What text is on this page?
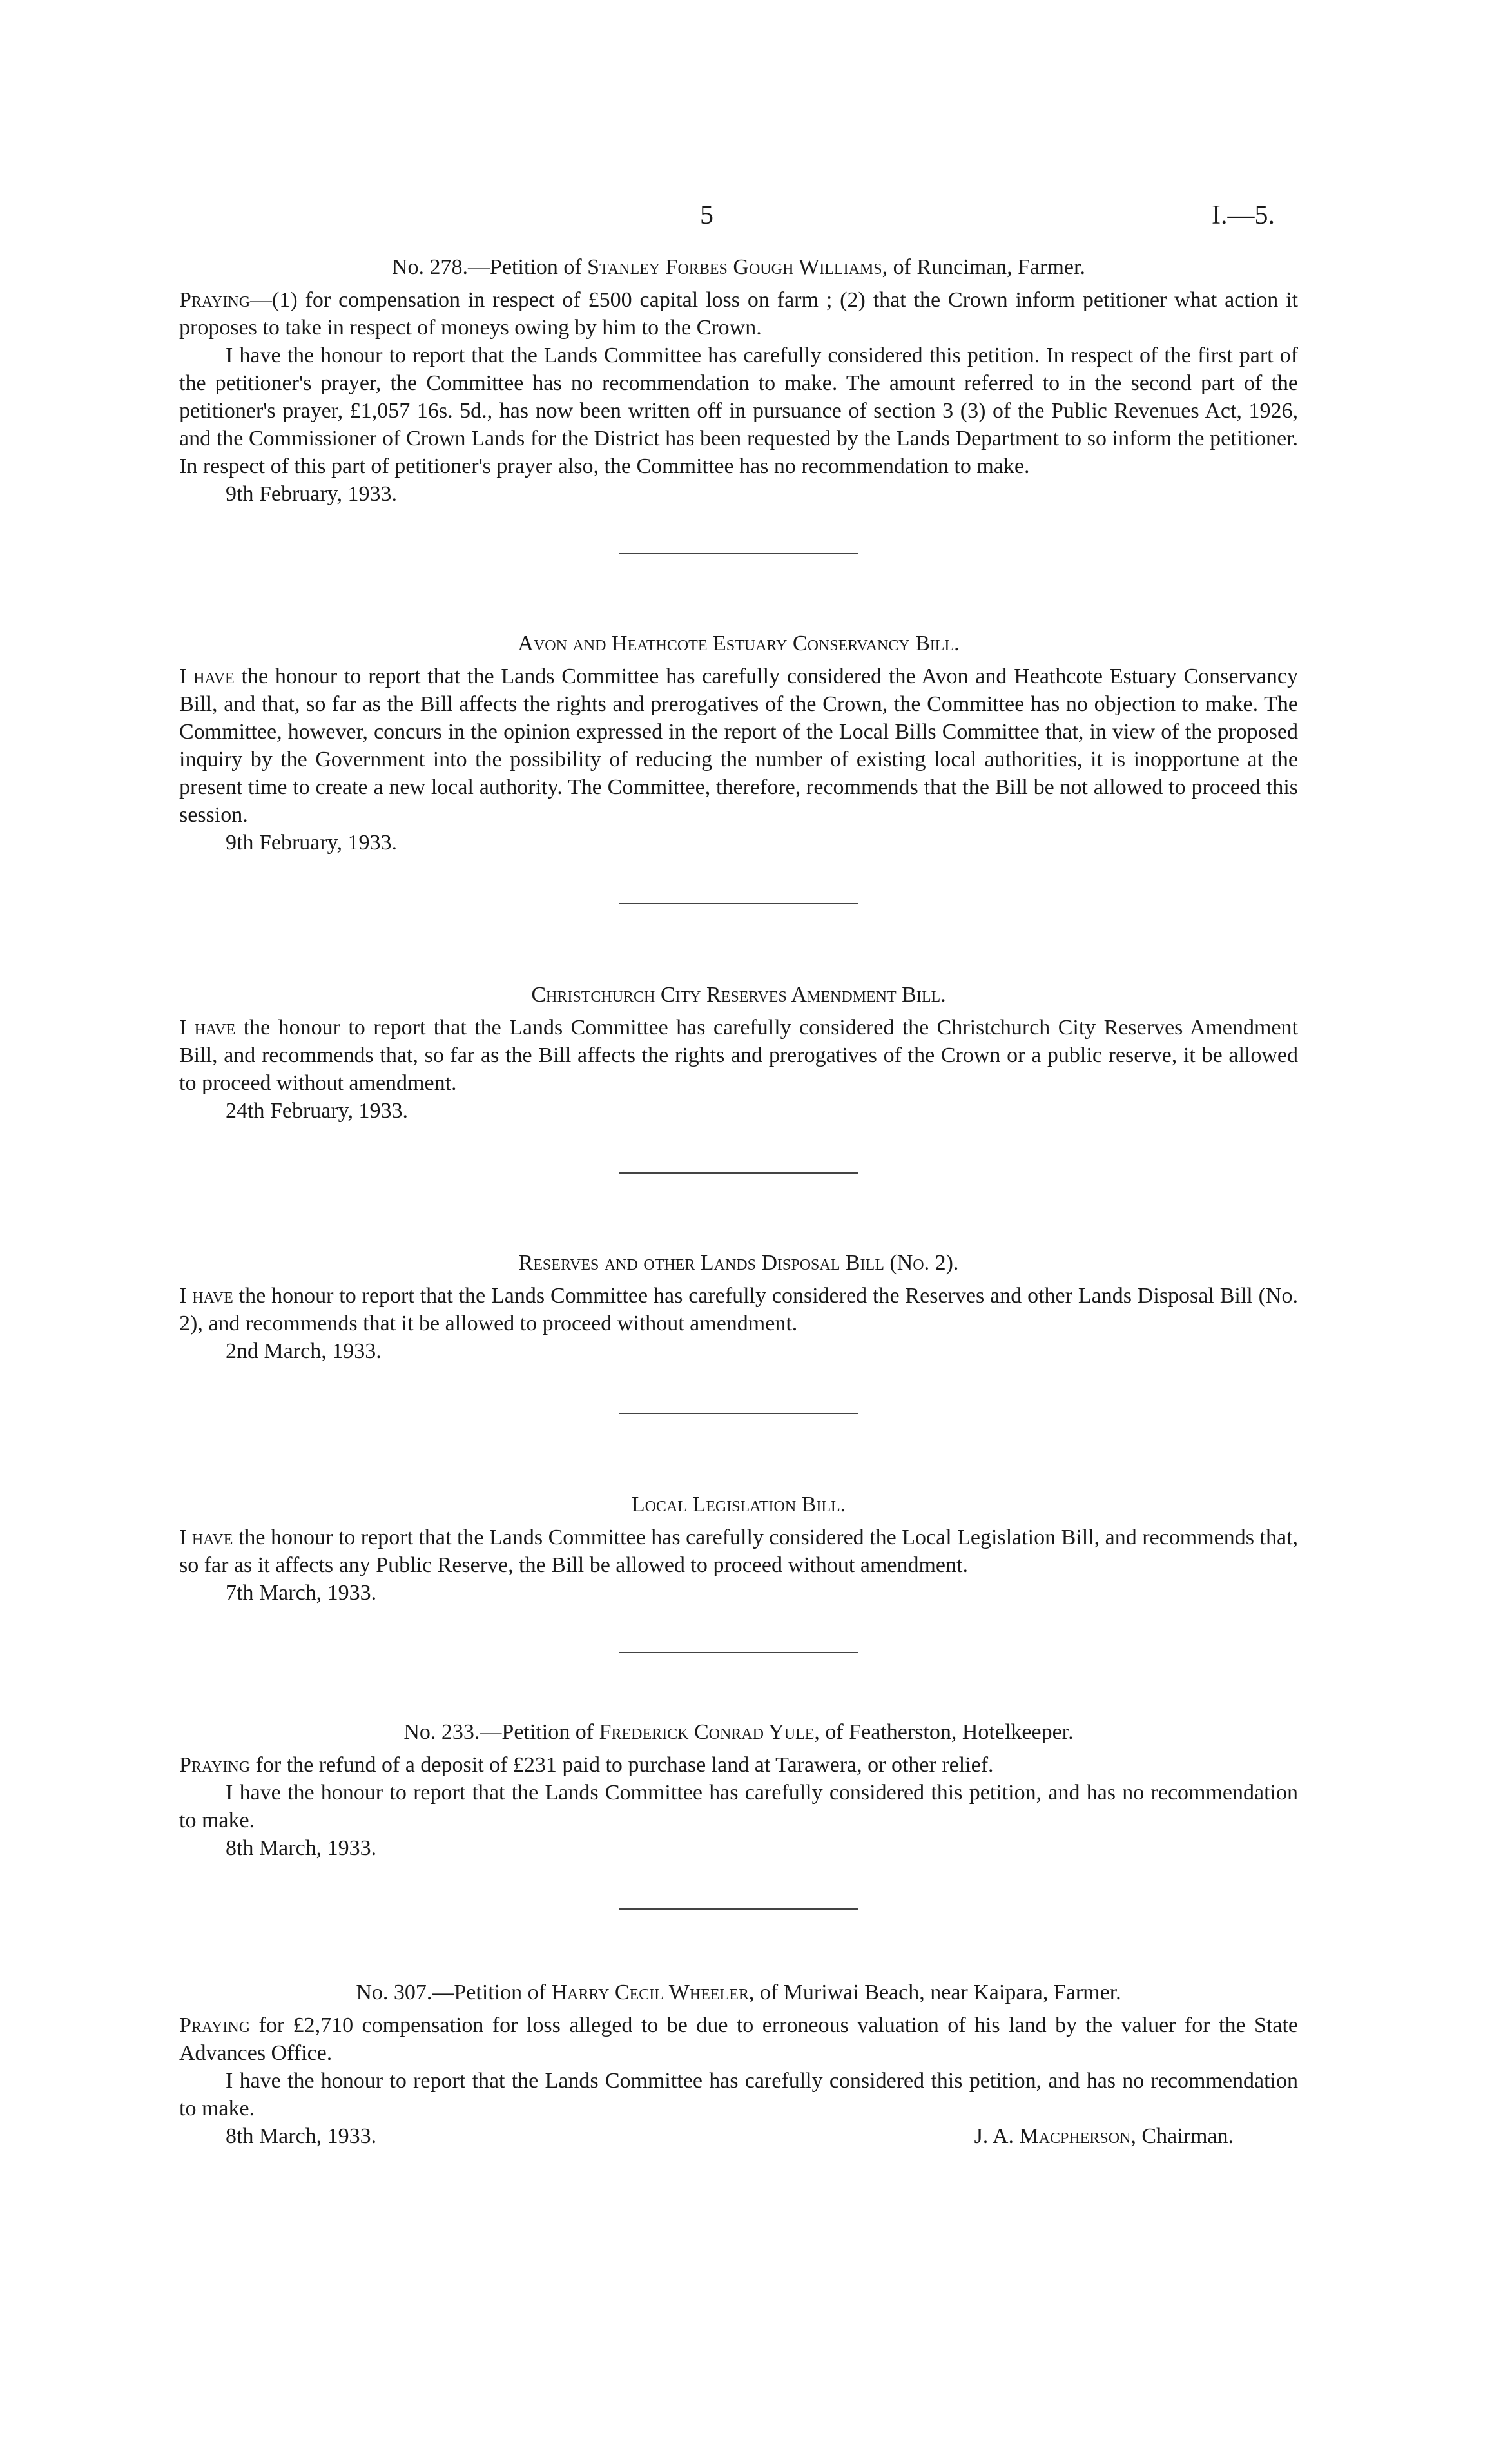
5	I.—5.
No. 278.—Petition of Stanley Forbes Gough Williams, of Runciman, Farmer.

Praying—(1) for compensation in respect of £500 capital loss on farm ; (2) that the Crown inform petitioner what action it proposes to take in respect of moneys owing by him to the Crown.

I have the honour to report that the Lands Committee has carefully considered this petition. In respect of the first part of the petitioner's prayer, the Committee has no recommendation to make. The amount referred to in the second part of the petitioner's prayer, £1,057 16s. 5d., has now been written off in pursuance of section 3 (3) of the Public Revenues Act, 1926, and the Commissioner of Crown Lands for the District has been requested by the Lands Department to so inform the petitioner. In respect of this part of petitioner's prayer also, the Committee has no recommendation to make.

9th February, 1933.
Avon and Heathcote Estuary Conservancy Bill.

I have the honour to report that the Lands Committee has carefully considered the Avon and Heathcote Estuary Conservancy Bill, and that, so far as the Bill affects the rights and prerogatives of the Crown, the Committee has no objection to make. The Committee, however, concurs in the opinion expressed in the report of the Local Bills Committee that, in view of the proposed inquiry by the Government into the possibility of reducing the number of existing local authorities, it is inopportune at the present time to create a new local authority. The Committee, therefore, recommends that the Bill be not allowed to proceed this session.

9th February, 1933.
Christchurch City Reserves Amendment Bill.

I have the honour to report that the Lands Committee has carefully considered the Christchurch City Reserves Amendment Bill, and recommends that, so far as the Bill affects the rights and prerogatives of the Crown or a public reserve, it be allowed to proceed without amendment.

24th February, 1933.
Reserves and other Lands Disposal Bill (No. 2).

I have the honour to report that the Lands Committee has carefully considered the Reserves and other Lands Disposal Bill (No. 2), and recommends that it be allowed to proceed without amendment.

2nd March, 1933.
Local Legislation Bill.

I have the honour to report that the Lands Committee has carefully considered the Local Legislation Bill, and recommends that, so far as it affects any Public Reserve, the Bill be allowed to proceed without amendment.

7th March, 1933.
No. 233.—Petition of Frederick Conrad Yule, of Featherston, Hotelkeeper.

Praying for the refund of a deposit of £231 paid to purchase land at Tarawera, or other relief.

I have the honour to report that the Lands Committee has carefully considered this petition, and has no recommendation to make.

8th March, 1933.
No. 307.—Petition of Harry Cecil Wheeler, of Muriwai Beach, near Kaipara, Farmer.

Praying for £2,710 compensation for loss alleged to be due to erroneous valuation of his land by the valuer for the State Advances Office.

I have the honour to report that the Lands Committee has carefully considered this petition, and has no recommendation to make.

8th March, 1933.	J. A. Macpherson, Chairman.
